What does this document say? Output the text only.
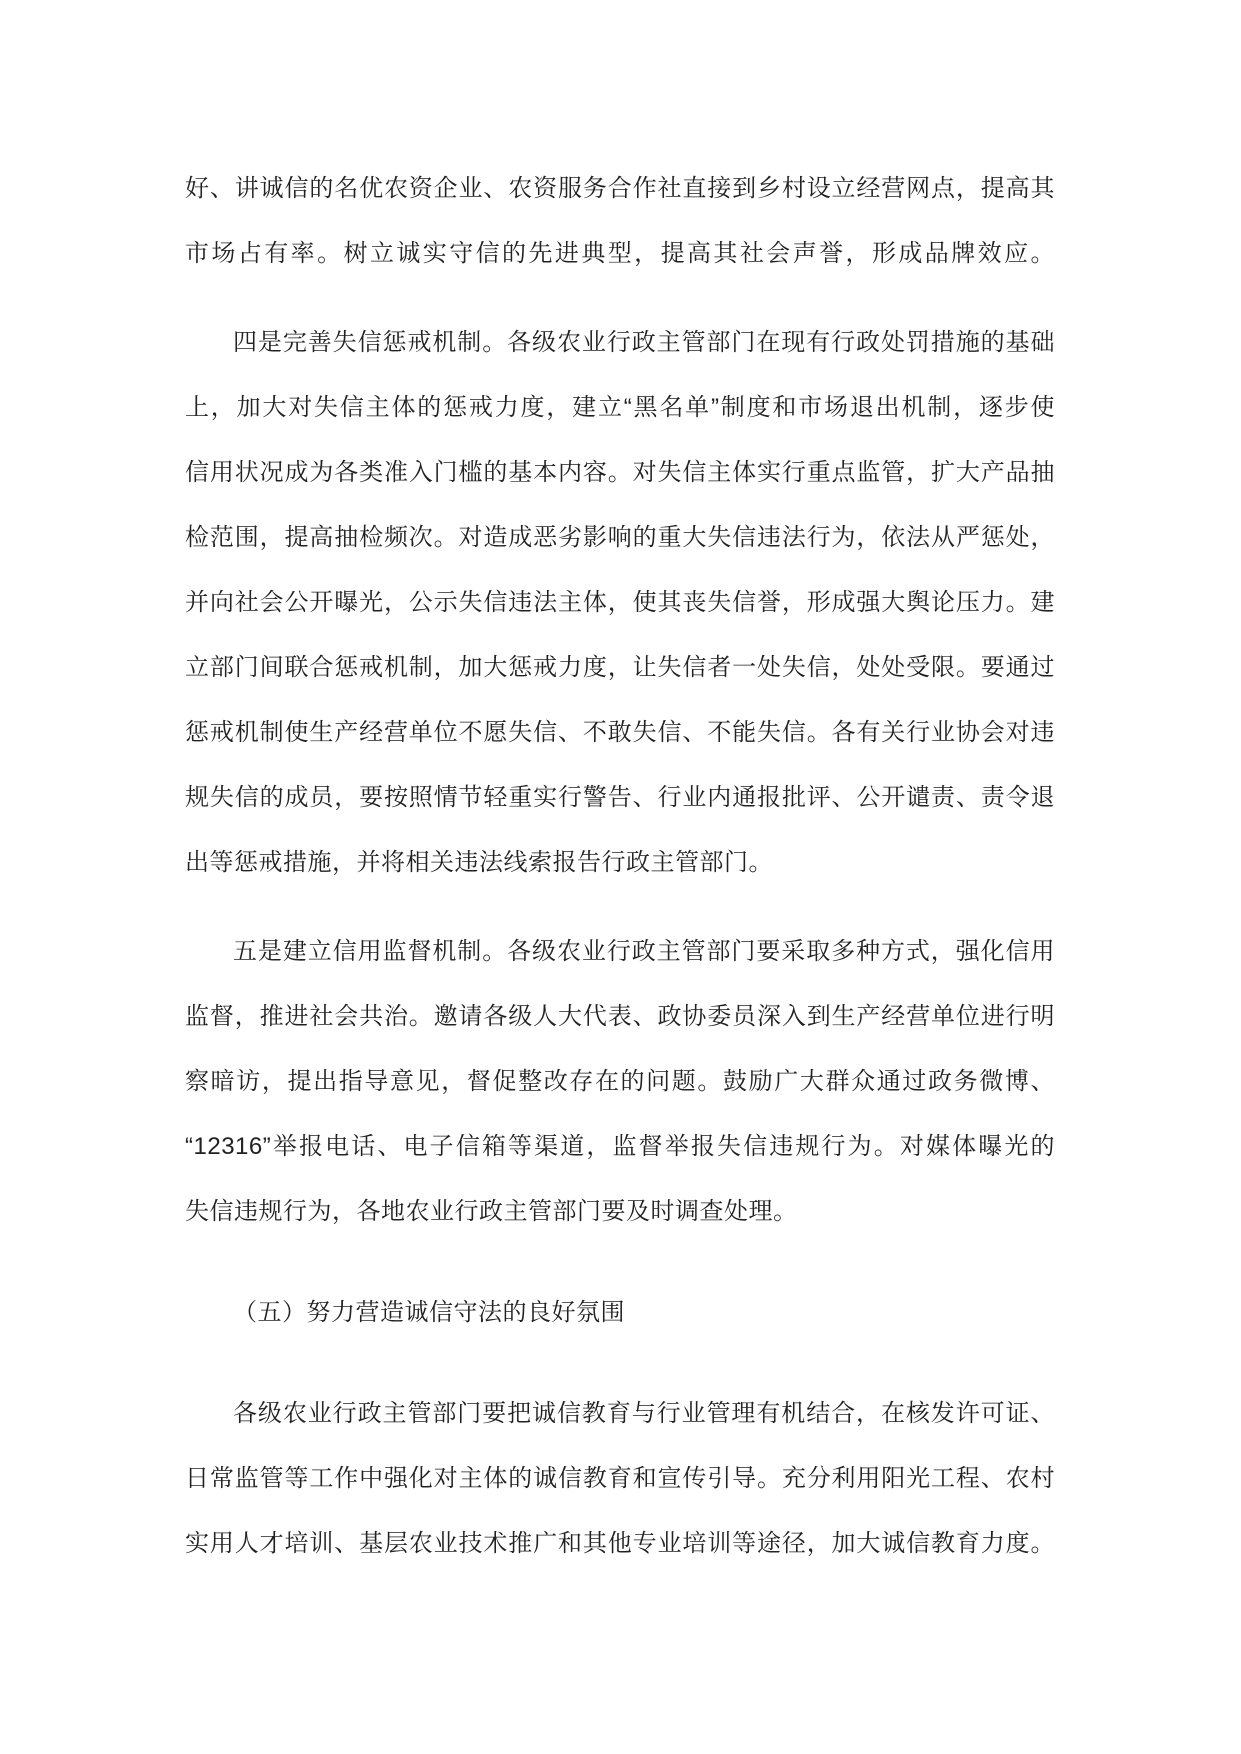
好、讲诚信的名优农资企业、农资服务合作社直接到乡村设立经营网点，提高其
市场占有率。树立诚实守信的先进典型，提高其社会声誉，形成品牌效应。
四是完善失信惩戒机制。各级农业行政主管部门在现有行政处罚措施的基础
上，加大对失信主体的惩戒力度，建立“黑名单”制度和市场退出机制，逐步使
信用状况成为各类准入门槛的基本内容。对失信主体实行重点监管，扩大产品抽
检范围，提高抽检频次。对造成恶劣影响的重大失信违法行为，依法从严惩处，
并向社会公开曝光，公示失信违法主体，使其丧失信誉，形成强大舆论压力。建
立部门间联合惩戒机制，加大惩戒力度，让失信者一处失信，处处受限。要通过
惩戒机制使生产经营单位不愿失信、不敢失信、不能失信。各有关行业协会对违
规失信的成员，要按照情节轻重实行警告、行业内通报批评、公开谴责、责令退
出等惩戒措施，并将相关违法线索报告行政主管部门。
五是建立信用监督机制。各级农业行政主管部门要采取多种方式，强化信用
监督，推进社会共治。邀请各级人大代表、政协委员深入到生产经营单位进行明
察暗访，提出指导意见，督促整改存在的问题。鼓励广大群众通过政务微博、
“12316”举报电话、电子信箱等渠道，监督举报失信违规行为。对媒体曝光的
失信违规行为，各地农业行政主管部门要及时调查处理。
（五）努力营造诚信守法的良好氛围
各级农业行政主管部门要把诚信教育与行业管理有机结合，在核发许可证、
日常监管等工作中强化对主体的诚信教育和宣传引导。充分利用阳光工程、农村
实用人才培训、基层农业技术推广和其他专业培训等途径，加大诚信教育力度。
